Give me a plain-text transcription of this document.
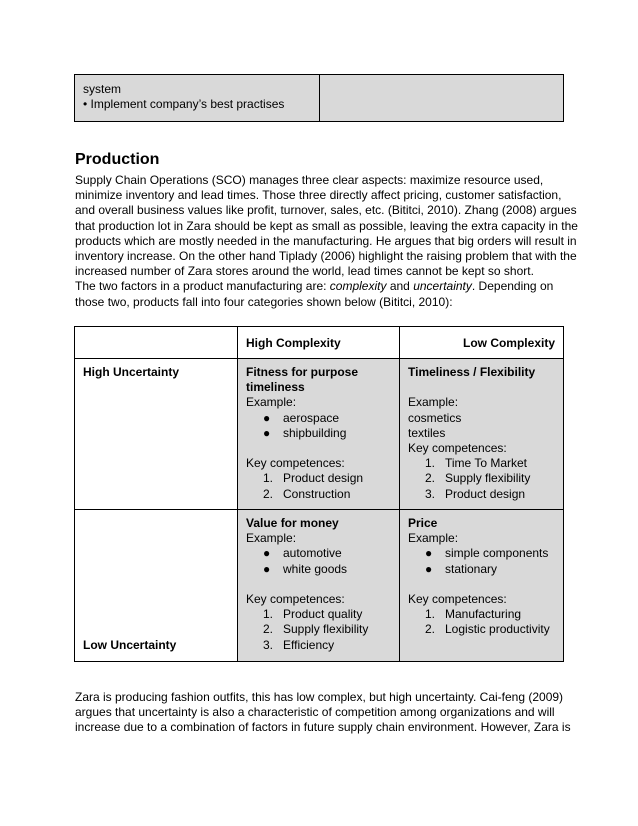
system
• Implement company’s best practises
Production
Supply Chain Operations (SCO) manages three clear aspects: maximize resource used,
minimize inventory and lead times. Those three directly affect pricing, customer satisfaction,
and overall business values like profit, turnover, sales, etc. (Bititci, 2010). Zhang (2008) argues
that production lot in Zara should be kept as small as possible, leaving the extra capacity in the
products which are mostly needed in the manufacturing. He argues that big orders will result in
inventory increase. On the other hand Tiplady (2006) highlight the raising problem that with the
increased number of Zara stores around the world, lead times cannot be kept so short.
The two factors in a product manufacturing are: complexity and uncertainty. Depending on
those two, products fall into four categories shown below (Bititci, 2010):
High Complexity	Low Complexity
High Uncertainty	Fitness for purpose
timeliness
Example:
● aerospace
● shipbuilding
Key competences:
1. Product design
2. Construction
Timeliness / Flexibility
Example:
cosmetics
textiles
Key competences:
1. Time To Market
2. Supply flexibility
3. Product design
Low Uncertainty
Value for money
Example:
● automotive
● white goods
Key competences:
1. Product quality
2. Supply flexibility
3. Efficiency
Price
Example:
● simple components
● stationary
Key competences:
1. Manufacturing
2. Logistic productivity
Zara is producing fashion outfits, this has low complex, but high uncertainty. Cai-feng (2009)
argues that uncertainty is also a characteristic of competition among organizations and will
increase due to a combination of factors in future supply chain environment. However, Zara is
